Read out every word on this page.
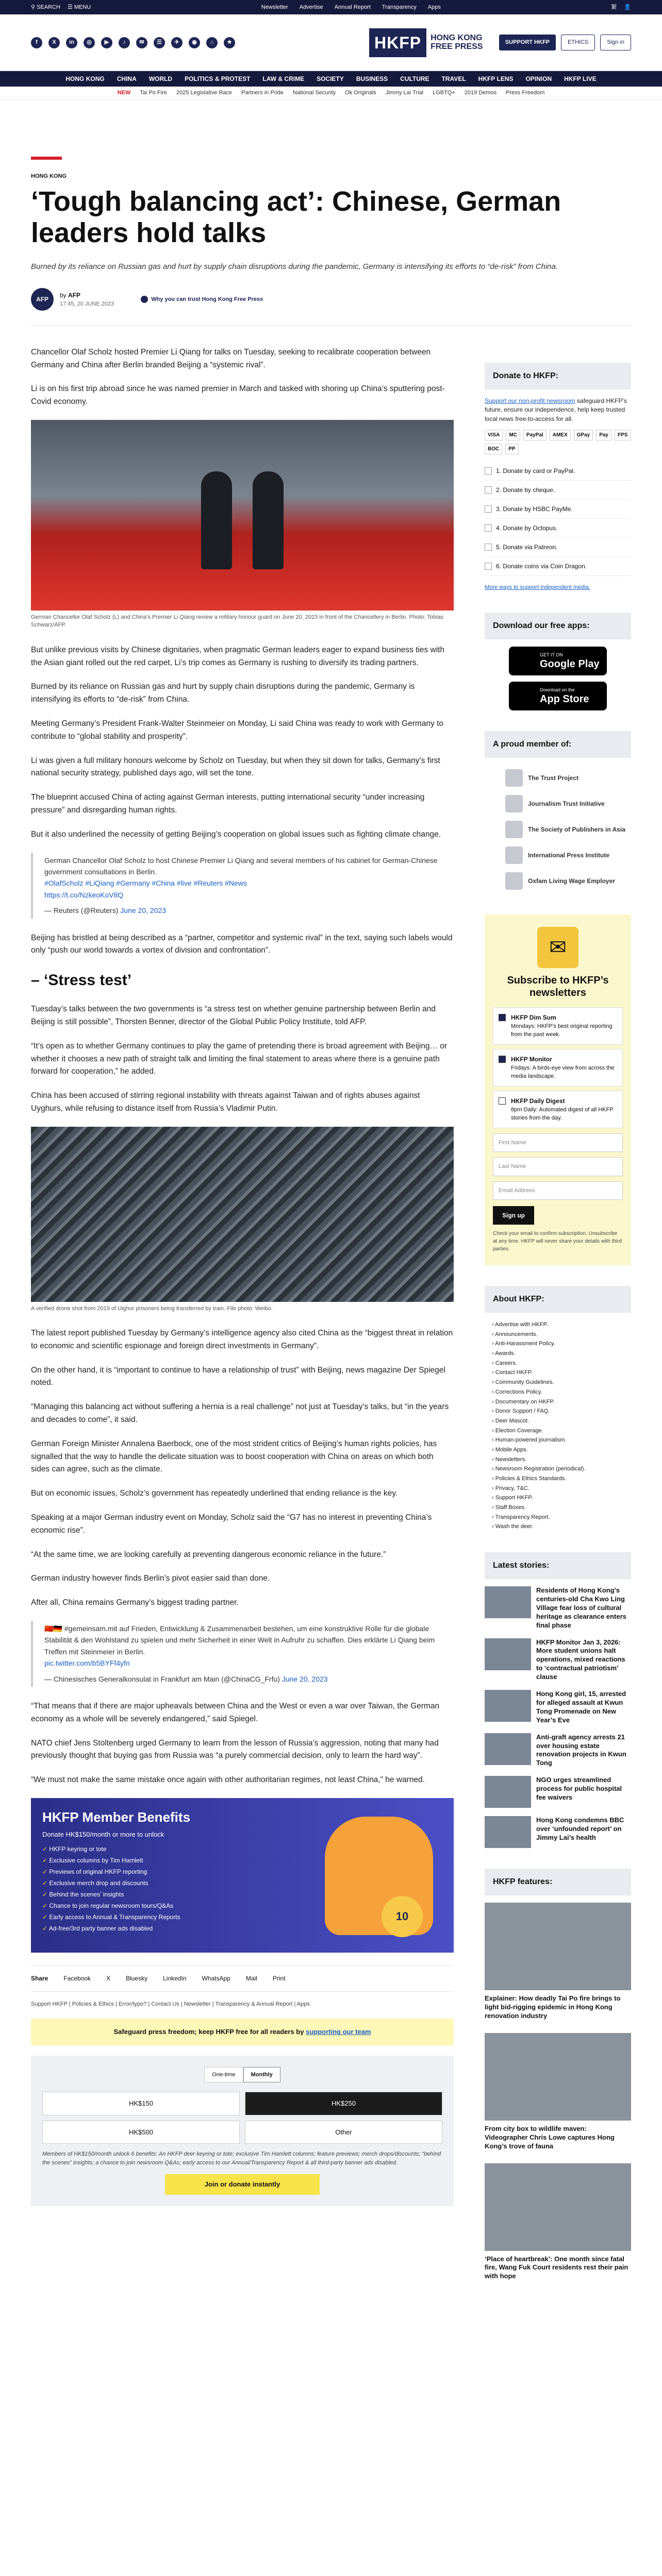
⚲ SEARCH ☰ MENU	Newsletter Advertise Annual Report Transparency Apps	繁 👤
f	X	in	◎	▶	♪	✉	☰	✈	◉	⌂	★	HKFP	HONG KONG
FREE PRESS	SUPPORT HKFP	ETHICS	Sign in
HONG KONG CHINA WORLD POLITICS & PROTEST LAW & CRIME SOCIETY BUSINESS CULTURE TRAVEL HKFP LENS OPINION HKFP LIVE
NEW Tai Po Fire 2025 Legislative Race Partners in Pride National Security Ok Originals Jimmy Lai Trial LGBTQ+ 2019 Demos Press Freedom
HONG KONG
‘Tough balancing act’: Chinese, German leaders hold talks
Burned by its reliance on Russian gas and hurt by supply chain disruptions during the pandemic, Germany is intensifying its efforts to “de-risk” from China.
AFP
by AFP
17:45, 20 JUNE 2023
Why you can trust Hong Kong Free Press

Chancellor Olaf Scholz hosted Premier Li Qiang for talks on Tuesday, seeking to recalibrate cooperation between Germany and China after Berlin branded Beijing a “systemic rival”.

Li is on his first trip abroad since he was named premier in March and tasked with shoring up China’s sputtering post-Covid economy.

German Chancellor Olaf Scholz (L) and China’s Premier Li Qiang review a military honour guard on June 20, 2023 in front of the Chancellery in Berlin. Photo: Tobias Schwarz/AFP.

But unlike previous visits by Chinese dignitaries, when pragmatic German leaders eager to expand business ties with the Asian giant rolled out the red carpet, Li’s trip comes as Germany is rushing to diversify its trading partners.

Burned by its reliance on Russian gas and hurt by supply chain disruptions during the pandemic, Germany is intensifying its efforts to “de-risk” from China.

Meeting Germany’s President Frank-Walter Steinmeier on Monday, Li said China was ready to work with Germany to contribute to “global stability and prosperity”.

Li was given a full military honours welcome by Scholz on Tuesday, but when they sit down for talks, Germany’s first national security strategy, published days ago, will set the tone.

The blueprint accused China of acting against German interests, putting international security “under increasing pressure” and disregarding human rights.

But it also underlined the necessity of getting Beijing’s cooperation on global issues such as fighting climate change.

German Chancellor Olaf Scholz to host Chinese Premier Li Qiang and several members of his cabinet for German-Chinese government consultations in Berlin.
#OlafScholz #LiQiang #Germany #China #live #Reuters #News
https://t.co/NzkeoKoV8Q
— Reuters (@Reuters) June 20, 2023

Beijing has bristled at being described as a “partner, competitor and systemic rival” in the text, saying such labels would only “push our world towards a vortex of division and confrontation”.

– ‘Stress test’

Tuesday’s talks between the two governments is “a stress test on whether genuine partnership between Berlin and Beijing is still possible”, Thorsten Benner, director of the Global Public Policy Institute, told AFP.

“It’s open as to whether Germany continues to play the game of pretending there is broad agreement with Beijing… or whether it chooses a new path of straight talk and limiting the final statement to areas where there is a genuine path forward for cooperation,” he added.

China has been accused of stirring regional instability with threats against Taiwan and of rights abuses against Uyghurs, while refusing to distance itself from Russia’s Vladimir Putin.

A verified drone shot from 2019 of Uighur prisoners being transferred by train. File photo: Weibo.

The latest report published Tuesday by Germany’s intelligence agency also cited China as the “biggest threat in relation to economic and scientific espionage and foreign direct investments in Germany”.

On the other hand, it is “important to continue to have a relationship of trust” with Beijing, news magazine Der Spiegel noted.

“Managing this balancing act without suffering a hernia is a real challenge” not just at Tuesday’s talks, but “in the years and decades to come”, it said.

German Foreign Minister Annalena Baerbock, one of the most strident critics of Beijing’s human rights policies, has signalled that the way to handle the delicate situation was to boost cooperation with China on areas on which both sides can agree, such as the climate.

But on economic issues, Scholz’s government has repeatedly underlined that ending reliance is the key.

Speaking at a major German industry event on Monday, Scholz said the “G7 has no interest in preventing China’s economic rise”.

“At the same time, we are looking carefully at preventing dangerous economic reliance in the future.”

German industry however finds Berlin’s pivot easier said than done.

After all, China remains Germany’s biggest trading partner.

🇨🇳🇩🇪 #gemeinsam.mit auf Frieden, Entwicklung & Zusammenarbeit bestehen, um eine konstruktive Rolle für die globale Stabilität & den Wohlstand zu spielen und mehr Sicherheit in einer Welt in Aufruhr zu schaffen. Dies erklärte Li Qiang beim Treffen mit Steinmeier in Berlin.
pic.twitter.com/b5BYFf4yfn
— Chinesisches Generalkonsulat in Frankfurt am Main (@ChinaCG_Frfu) June 20, 2023

“That means that if there are major upheavals between China and the West or even a war over Taiwan, the German economy as a whole will be severely endangered,” said Spiegel.

NATO chief Jens Stoltenberg urged Germany to learn from the lesson of Russia’s aggression, noting that many had previously thought that buying gas from Russia was “a purely commercial decision, only to learn the hard way”.

“We must not make the same mistake once again with other authoritarian regimes, not least China,” he warned.

HKFP Member Benefits
Donate HK$150/month or more to unlock
✓ HKFP keyring or tote
✓ Exclusive columns by Tim Hamlett
✓ Previews of original HKFP reporting
✓ Exclusive merch drop and discounts
✓ Behind the scenes’ insights
✓ Chance to join regular newsroom tours/Q&As
✓ Early access to Annual & Transparency Reports
✓ Ad-free/3rd party banner ads disabled
10
Share	Facebook	X	Bluesky	LinkedIn	WhatsApp	Mail	Print
Support HKFP | Policies & Ethics | Error/typo? | Contact Us | Newsletter | Transparency & Annual Report | Apps
Safeguard press freedom; keep HKFP free for all readers by supporting our team
One-time	Monthly
HK$150	HK$250
HK$500	Other
Members of HK$150/month unlock 6 benefits: An HKFP deer keyring or tote; exclusive Tim Hamlett columns; feature previews; merch drops/discounts; “behind the scenes” insights; a chance to join newsroom Q&As; early access to our Annual/Transparency Report & all third-party banner ads disabled.
Join or donate instantly
Donate to HKFP:
Support our non-profit newsroom safeguard HKFP’s future, ensure our independence, help keep trusted local news free-to-access for all.
VISA	MC	PayPal	AMEX	GPay	Pay	FPS
BOC	PP
1. Donate by card or PayPal.
2. Donate by cheque.
3. Donate by HSBC PayMe.
4. Donate by Octopus.
5. Donate via Patreon.
6. Donate coins via Coin Dragon.
More ways to support independent media.
Download our free apps:
GET IT ON
Google Play
Download on the
App Store
A proud member of:
The Trust Project
Journalism Trust Initiative
The Society of Publishers in Asia
International Press Institute
Oxfam Living Wage Employer
✉
Subscribe to HKFP’s newsletters
HKFP Dim Sum
Mondays: HKFP’s best original reporting from the past week.
HKFP Monitor
Fridays: A birds-eye view from across the media landscape.
HKFP Daily Digest
8pm Daily: Automated digest of all HKFP stories from the day.
First Name
Last Name
Email Address
Sign up
Check your email to confirm subscription. Unsubscribe at any time. HKFP will never share your details with third parties.
About HKFP:
› Advertise with HKFP.
› Announcements.
› Anti-Harassment Policy.
› Awards.
› Careers.
› Contact HKFP.
› Community Guidelines.
› Corrections Policy.
› Documentary on HKFP.
› Donor Support / FAQ.
› Deer Mascot.
› Election Coverage.
› Human-powered journalism.
› Mobile Apps.
› Newsletters.
› Newsroom Registration (periodical).
› Policies & Ethics Standards.
› Privacy, T&C.
› Support HKFP.
› Staff Boxes.
› Transparency Report.
› Wash the deer.
Latest stories:
Residents of Hong Kong’s centuries-old Cha Kwo Ling Village fear loss of cultural heritage as clearance enters final phase
HKFP Monitor Jan 3, 2026: More student unions halt operations, mixed reactions to ‘contractual patriotism’ clause
Hong Kong girl, 15, arrested for alleged assault at Kwun Tong Promenade on New Year’s Eve
Anti-graft agency arrests 21 over housing estate renovation projects in Kwun Tong
NGO urges streamlined process for public hospital fee waivers
Hong Kong condemns BBC over ‘unfounded report’ on Jimmy Lai’s health
HKFP features:
Explainer: How deadly Tai Po fire brings to light bid-rigging epidemic in Hong Kong renovation industry
From city box to wildlife maven: Videographer Chris Lowe captures Hong Kong’s trove of fauna
‘Place of heartbreak’: One month since fatal fire, Wang Fuk Court residents rest their pain with hope
